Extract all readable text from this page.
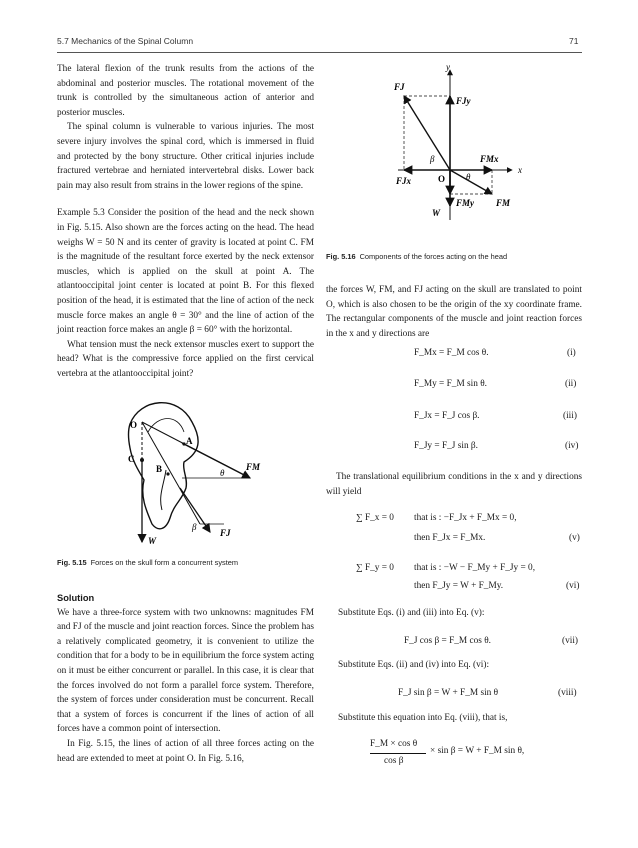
5.7 Mechanics of the Spinal Column	71

The lateral flexion of the trunk results from the actions of the abdominal and posterior muscles. The rotational movement of the trunk is controlled by the simultaneous action of anterior and posterior muscles.

The spinal column is vulnerable to various injuries. The most severe injury involves the spinal cord, which is immersed in fluid and protected by the bony structure. Other critical injuries include fractured vertebrae and herniated intervertebral disks. Lower back pain may also result from strains in the lower regions of the spine.

Example 5.3 Consider the position of the head and the neck shown in Fig. 5.15. Also shown are the forces acting on the head. The head weighs W = 50 N and its center of gravity is located at point C. FM is the magnitude of the resultant force exerted by the neck extensor muscles, which is applied on the skull at point A. The atlantooccipital joint center is located at point B. For this flexed position of the head, it is estimated that the line of action of the neck muscle force makes an angle θ = 30° and the line of action of the joint reaction force makes an angle β = 60° with the horizontal.

What tension must the neck extensor muscles exert to support the head? What is the compressive force applied on the first cervical vertebra at the atlantooccipital joint?

O
C
B
A
FM
θ
β
FJ
W
Fig. 5.15 Forces on the skull form a concurrent system

Solution

We have a three-force system with two unknowns: magnitudes FM and FJ of the muscle and joint reaction forces. Since the problem has a relatively complicated geometry, it is convenient to utilize the condition that for a body to be in equilibrium the force system acting on it must be either concurrent or parallel. In this case, it is clear that the forces involved do not form a parallel force system. Therefore, the system of forces under consideration must be concurrent. Recall that a system of forces is concurrent if the lines of action of all forces have a common point of intersection.

In Fig. 5.15, the lines of action of all three forces acting on the head are extended to meet at point O. In Fig. 5.16,

y
x
O
FJ
FJy
FMx
FJx
β
θ
W
FMy FM
Fig. 5.16 Components of the forces acting on the head
the forces W, FM, and FJ acting on the skull are translated to point O, which is also chosen to be the origin of the xy coordinate frame. The rectangular components of the muscle and joint reaction forces in the x and y directions are
F_Mx = F_M cos θ.	(i)
F_My = F_M sin θ.	(ii)
F_Jx = F_J cos β.	(iii)
F_Jy = F_J sin β.	(iv)
The translational equilibrium conditions in the x and y directions will yield
∑ F_x = 0 that is : −F_Jx + F_Mx = 0,
then F_Jx = F_Mx.	(v)
∑ F_y = 0 that is : −W − F_My + F_Jy = 0,
then F_Jy = W + F_My.	(vi)
Substitute Eqs. (i) and (iii) into Eq. (v):
F_J cos β = F_M cos θ.	(vii)
Substitute Eqs. (ii) and (iv) into Eq. (vi):
F_J sin β = W + F_M sin θ	(viii)
Substitute this equation into Eq. (viii), that is,
F_M × cos θ
cos β
× sin β = W + F_M sin θ,
